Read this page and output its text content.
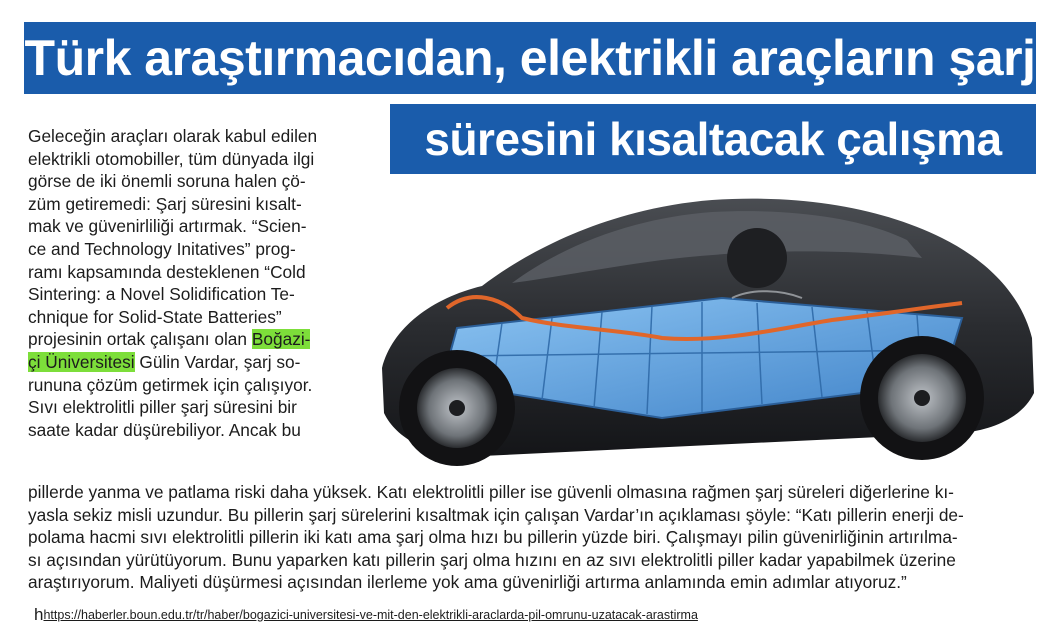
Türk araştırmacıdan, elektrikli araçların şarj
süresini kısaltacak çalışma
Geleceğin araçları olarak kabul edilen
elektrikli otomobiller, tüm dünyada ilgi
görse de iki önemli soruna halen çö-
züm getiremedi: Şarj süresini kısalt-
mak ve güvenirliliği artırmak. “Scien-
ce and Technology Initatives” prog-
ramı kapsamında desteklenen “Cold
Sintering: a Novel Solidification Te-
chnique for Solid-State Batteries”
projesinin ortak çalışanı olan Boğazi-
çi Üniversitesi Gülin Vardar, şarj so-
rununa çözüm getirmek için çalışıyor.
Sıvı elektrolitli piller şarj süresini bir
saate kadar düşürebiliyor. Ancak bu
pillerde yanma ve patlama riski daha yüksek. Katı elektrolitli piller ise güvenli olmasına rağmen şarj süreleri diğerlerine kı-
yasla sekiz misli uzundur. Bu pillerin şarj sürelerini kısaltmak için çalışan Vardar’ın açıklaması şöyle: “Katı pillerin enerji de-
polama hacmi sıvı elektrolitli pillerin iki katı ama şarj olma hızı bu pillerin yüzde biri. Çalışmayı pilin güvenirliğinin artırılma-
sı açısından yürütüyorum. Bunu yaparken katı pillerin şarj olma hızını en az sıvı elektrolitli piller kadar yapabilmek üzerine
araştırıyorum. Maliyeti düşürmesi açısından ilerleme yok ama güvenirliği artırma anlamında emin adımlar atıyoruz.”
hhttps://haberler.boun.edu.tr/tr/haber/bogazici-universitesi-ve-mit-den-elektrikli-araclarda-pil-omrunu-uzatacak-arastirma
